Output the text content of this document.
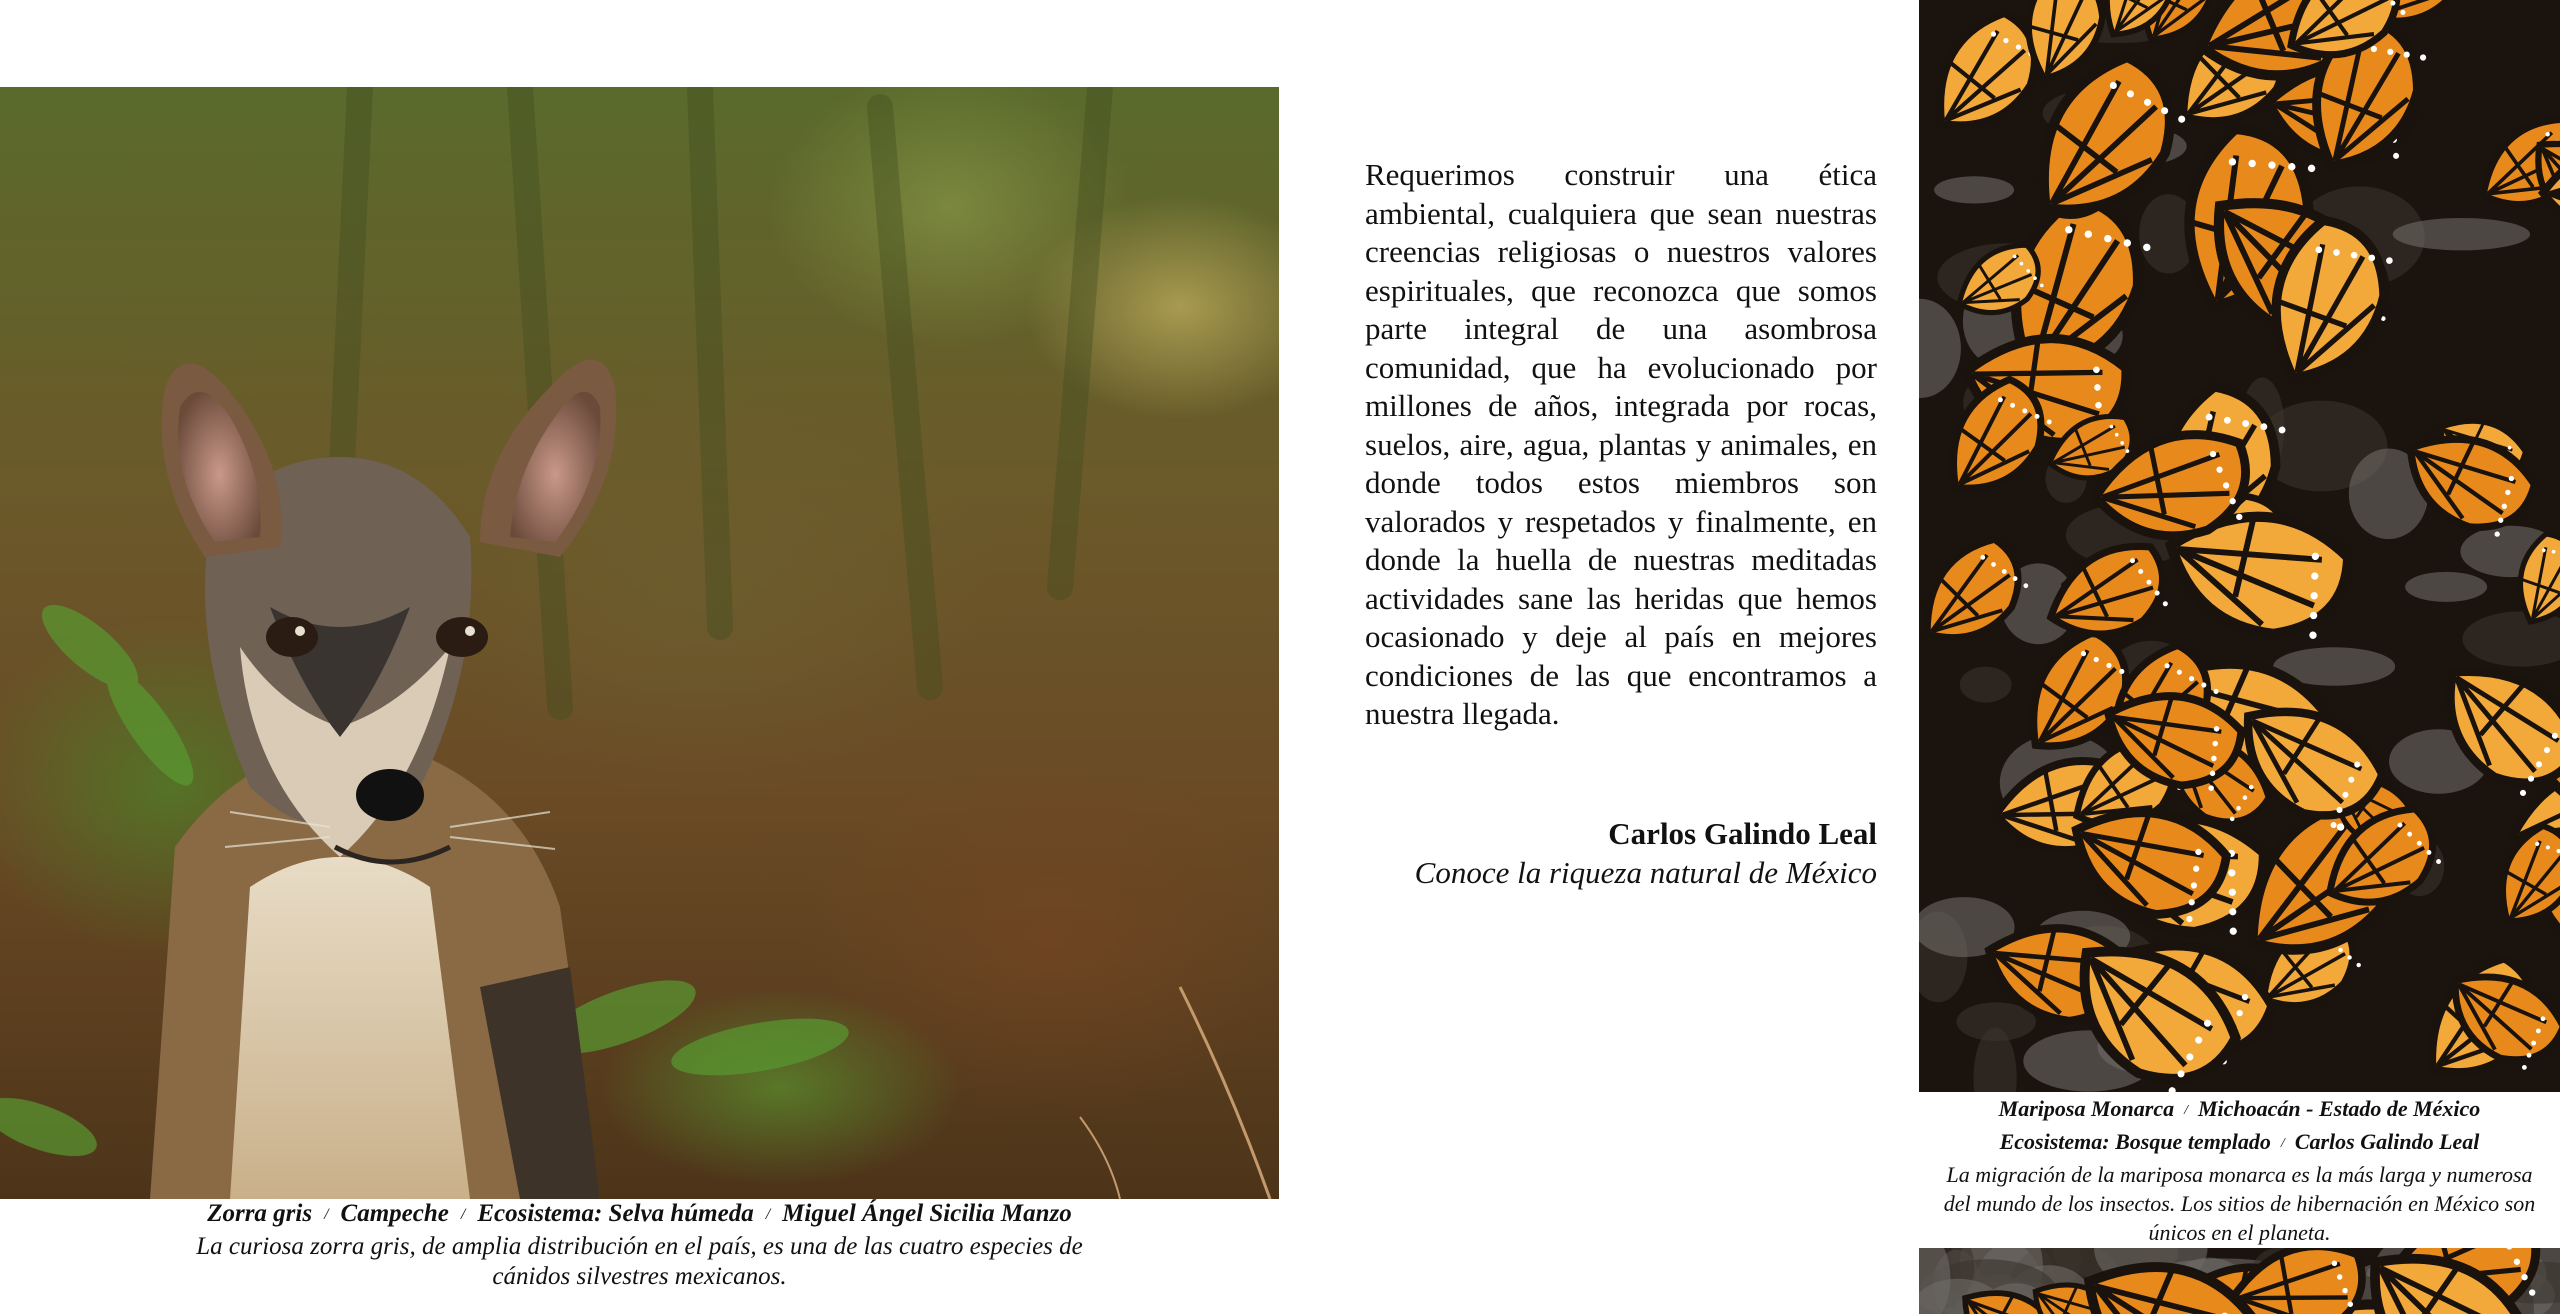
Zorra gris / Campeche / Ecosistema: Selva húmeda / Miguel Ángel Sicilia Manzo
La curiosa zorra gris, de amplia distribución en el país, es una de las cuatro especies de cánidos silvestres mexicanos.

Requerimos construir una ética ambiental, cualquiera que sean nuestras creencias religiosas o nuestros valores espirituales, que reconozca que somos parte integral de una asombrosa comunidad, que ha evolucionado por millones de años, integrada por rocas, suelos, aire, agua, plantas y animales, en donde todos estos miembros son valorados y respetados y finalmente, en donde la huella de nuestras meditadas actividades sane las heridas que hemos ocasionado y deje al país en mejores condiciones de las que encontramos a nuestra llegada.

Carlos Galindo Leal
Conoce la riqueza natural de México
Mariposa Monarca / Michoacán - Estado de México
Ecosistema: Bosque templado / Carlos Galindo Leal
La migración de la mariposa monarca es la más larga y numerosa del mundo de los insectos. Los sitios de hibernación en México son únicos en el planeta.
